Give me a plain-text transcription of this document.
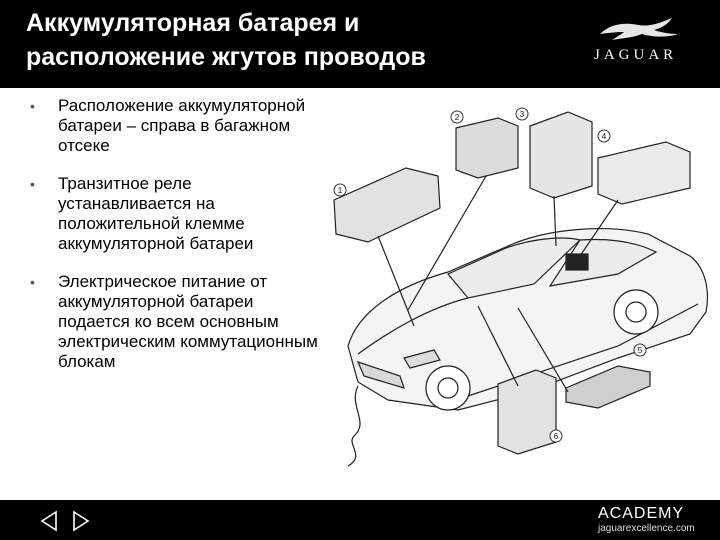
Аккумуляторная батарея и расположение жгутов проводов	JAGUAR
• Расположение аккумуляторной батареи – справа в багажном отсеке
• Транзитное реле устанавливается на положительной клемме аккумуляторной батареи
• Электрическое питание от аккумуляторной батареи подается ко всем основным электрическим коммутационным блокам
1
2	3
4
5
6
ACADEMY
jaguarexcellence.com
